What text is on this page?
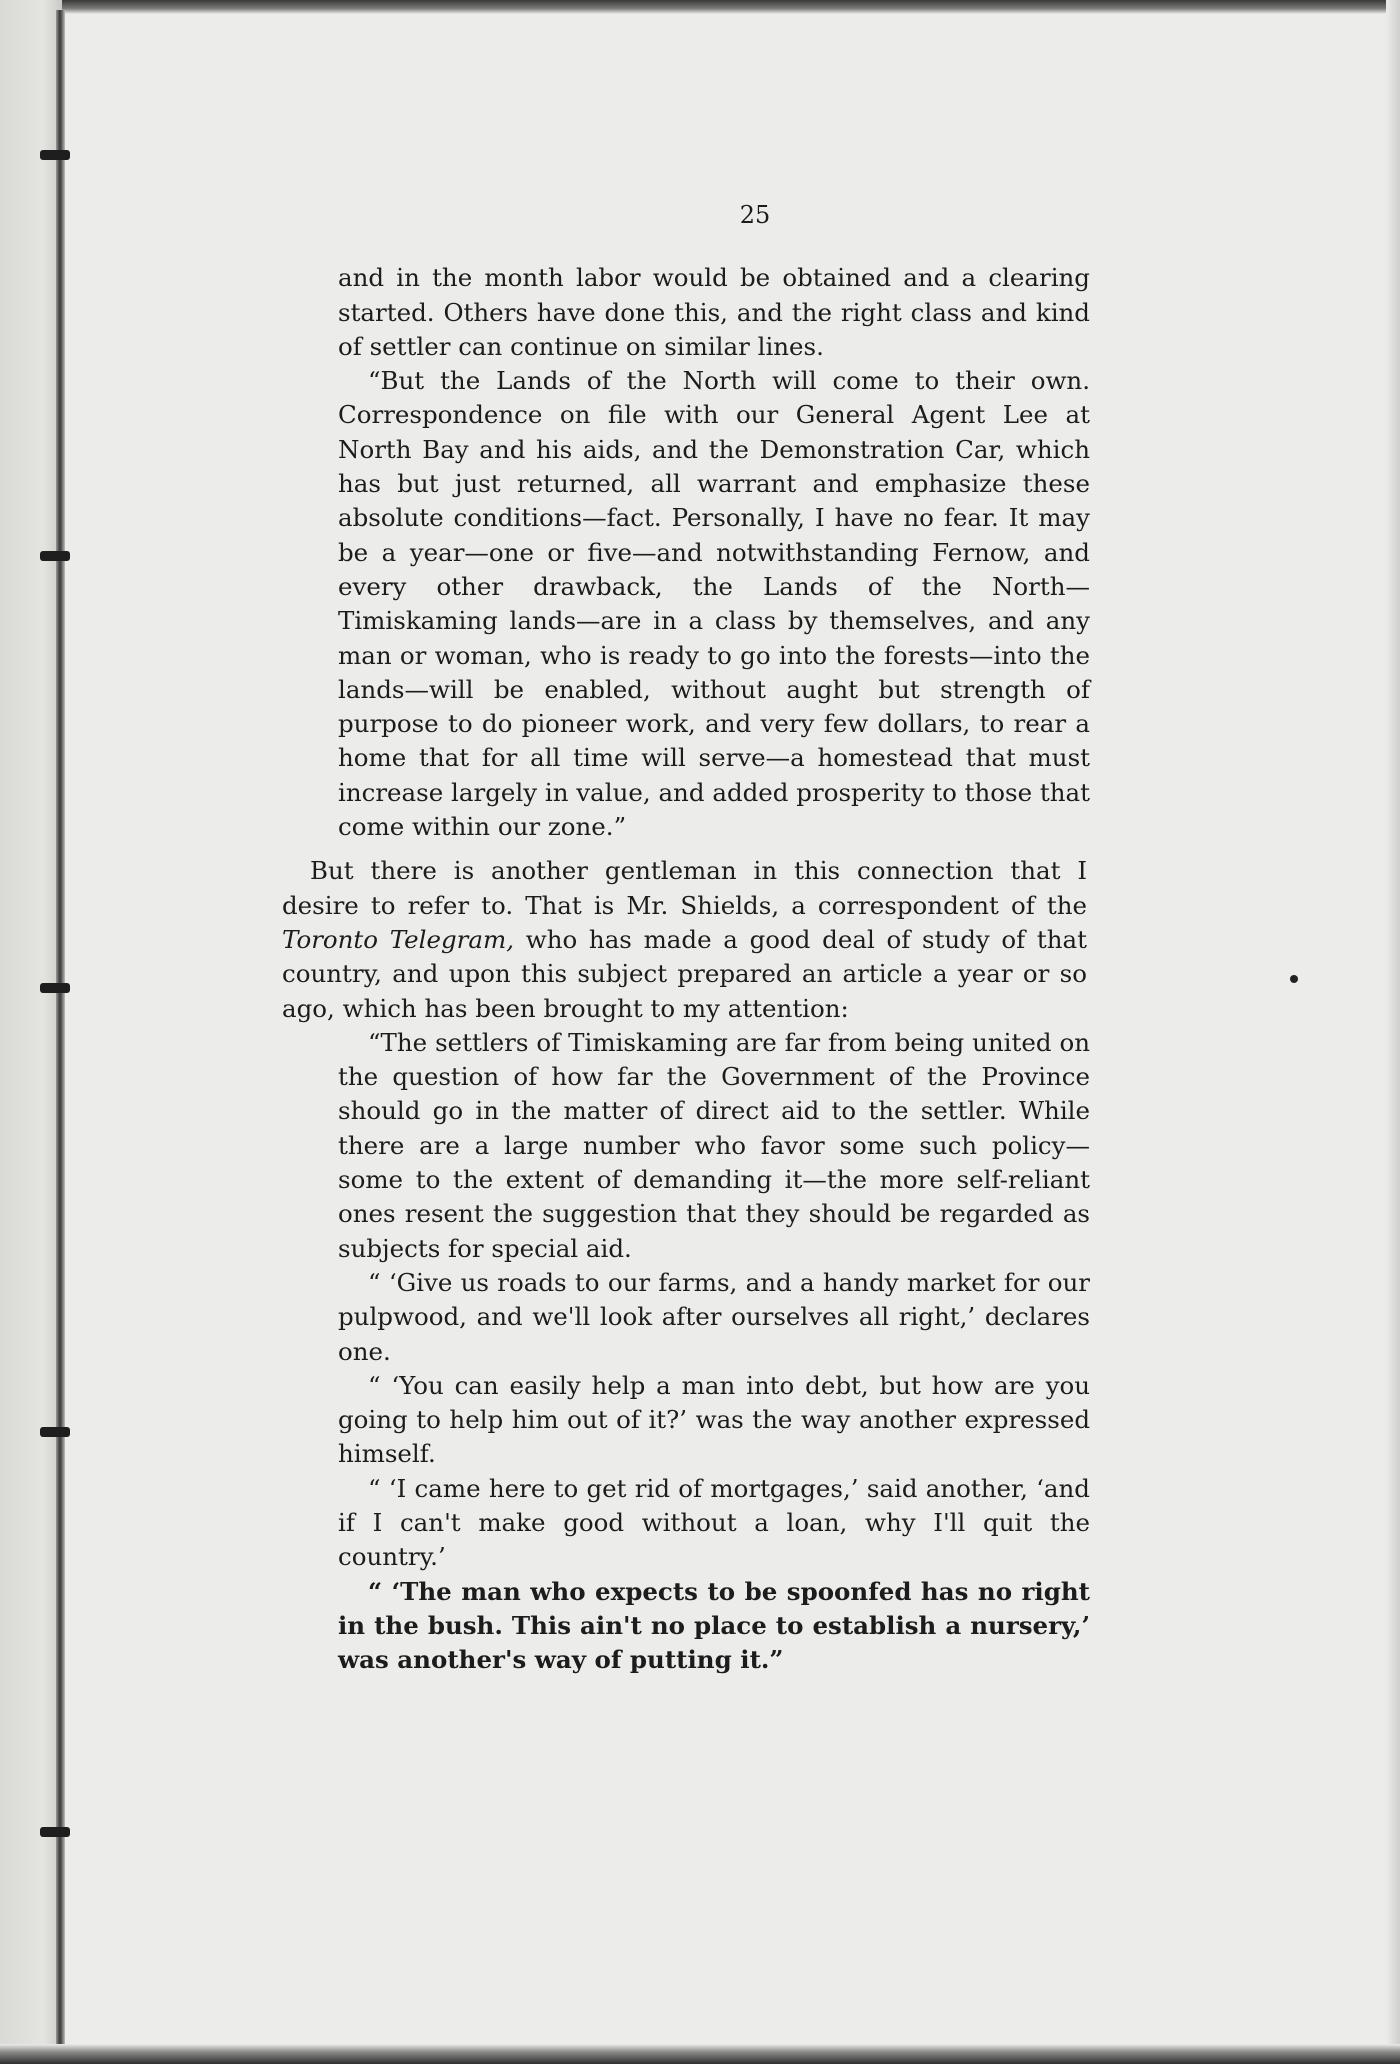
25

and in the month labor would be obtained and a clearing started. Others have done this, and the right class and kind of settler can continue on similar lines.

“But the Lands of the North will come to their own. Correspondence on file with our General Agent Lee at North Bay and his aids, and the Demonstration Car, which has but just returned, all warrant and emphasize these absolute conditions—fact. Personally, I have no fear. It may be a year—one or five—and notwithstanding Fernow, and every other drawback, the Lands of the North—Timiskaming lands—are in a class by themselves, and any man or woman, who is ready to go into the forests—into the lands—will be enabled, without aught but strength of purpose to do pioneer work, and very few dollars, to rear a home that for all time will serve—a homestead that must increase largely in value, and added prosperity to those that come within our zone.”

But there is another gentleman in this connection that I desire to refer to. That is Mr. Shields, a correspondent of the Toronto Telegram, who has made a good deal of study of that country, and upon this subject prepared an article a year or so ago, which has been brought to my attention:

“The settlers of Timiskaming are far from being united on the question of how far the Government of the Province should go in the matter of direct aid to the settler. While there are a large number who favor some such policy—some to the extent of demanding it—the more self-reliant ones resent the suggestion that they should be regarded as subjects for special aid.

“ ‘Give us roads to our farms, and a handy market for our pulpwood, and we'll look after ourselves all right,’ declares one.

“ ‘You can easily help a man into debt, but how are you going to help him out of it?’ was the way another expressed himself.

“ ‘I came here to get rid of mortgages,’ said another, ‘and if I can't make good without a loan, why I'll quit the country.’

“ ‘The man who expects to be spoonfed has no right in the bush. This ain't no place to establish a nursery,’ was another's way of putting it.”
